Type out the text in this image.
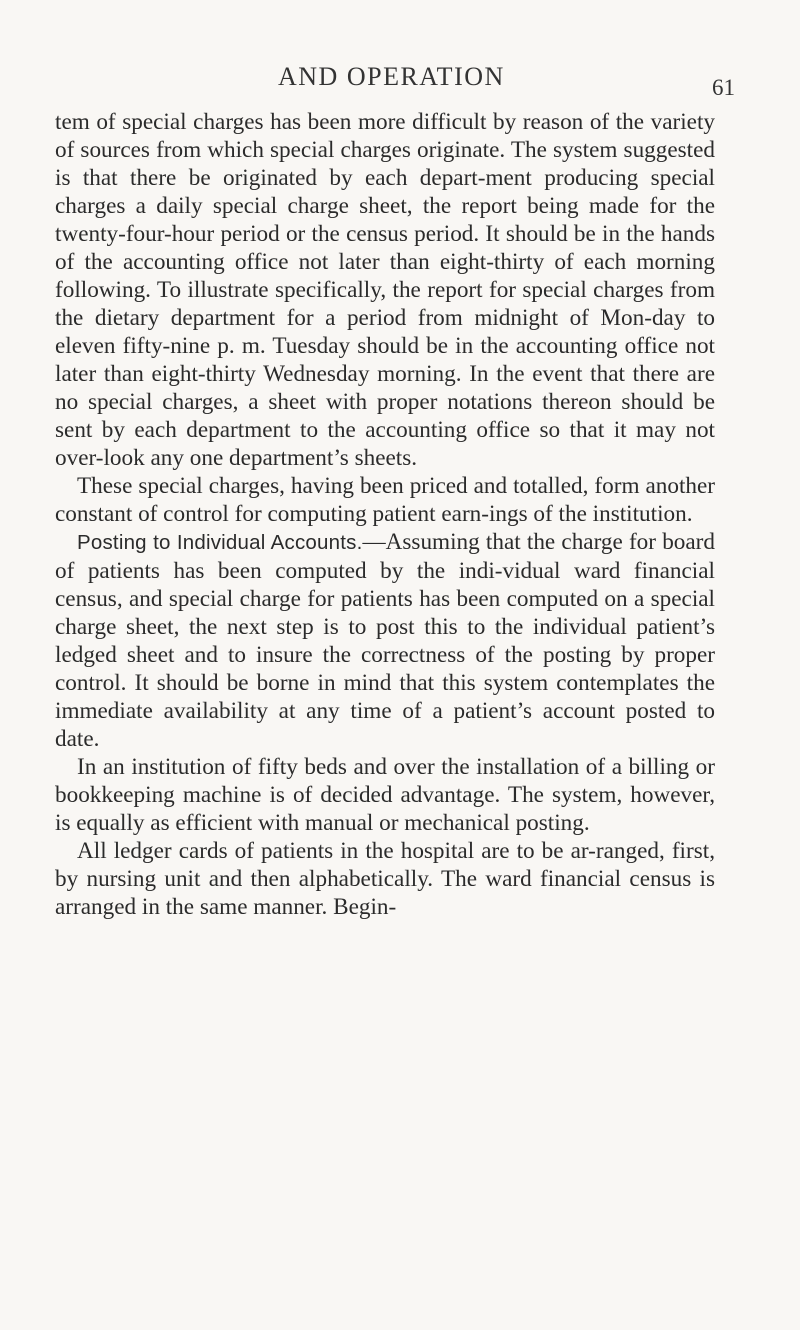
AND OPERATION	61

tem of special charges has been more difficult by reason of the variety of sources from which special charges originate. The system suggested is that there be originated by each depart-ment producing special charges a daily special charge sheet, the report being made for the twenty-four-hour period or the census period. It should be in the hands of the accounting office not later than eight-thirty of each morning following. To illustrate specifically, the report for special charges from the dietary department for a period from midnight of Mon-day to eleven fifty-nine p. m. Tuesday should be in the accounting office not later than eight-thirty Wednesday morning. In the event that there are no special charges, a sheet with proper notations thereon should be sent by each department to the accounting office so that it may not over-look any one department’s sheets.

These special charges, having been priced and totalled, form another constant of control for computing patient earn-ings of the institution.

Posting to Individual Accounts.—Assuming that the charge for board of patients has been computed by the indi-vidual ward financial census, and special charge for patients has been computed on a special charge sheet, the next step is to post this to the individual patient’s ledged sheet and to insure the correctness of the posting by proper control. It should be borne in mind that this system contemplates the immediate availability at any time of a patient’s account posted to date.

In an institution of fifty beds and over the installation of a billing or bookkeeping machine is of decided advantage. The system, however, is equally as efficient with manual or mechanical posting.

All ledger cards of patients in the hospital are to be ar-ranged, first, by nursing unit and then alphabetically. The ward financial census is arranged in the same manner. Begin-
